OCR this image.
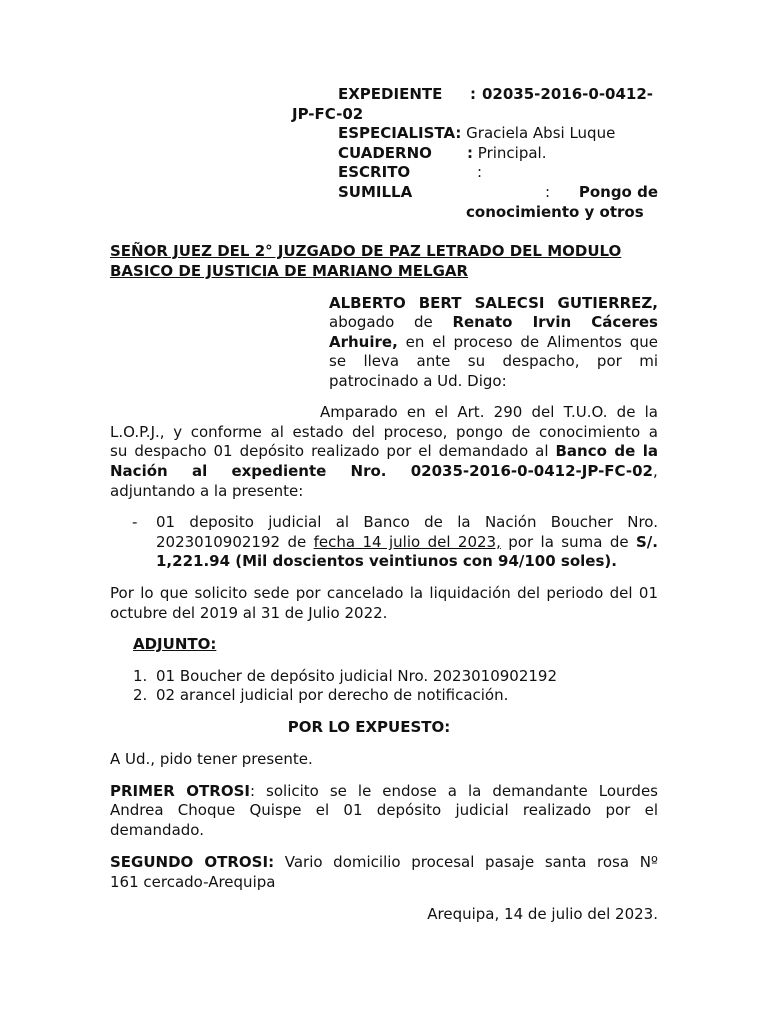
EXPEDIENTE : 02035-2016-0-0412-
JP-FC-02
ESPECIALISTA: Graciela Absi Luque
CUADERNO : Principal.
ESCRITO	:
SUMILLA	:	Pongo de
conocimiento y otros
SEÑOR JUEZ DEL 2° JUZGADO DE PAZ LETRADO DEL MODULO
BASICO DE JUSTICIA DE MARIANO MELGAR
ALBERTO BERT SALECSI GUTIERREZ,
abogado de Renato Irvin Cáceres
Arhuire, en el proceso de Alimentos que
se lleva ante su despacho, por mi
patrocinado a Ud. Digo:
Amparado en el Art. 290 del T.U.O. de la
L.O.P.J., y conforme al estado del proceso, pongo de conocimiento a
su despacho 01 depósito realizado por el demandado al Banco de la
Nación al expediente Nro. 02035-2016-0-0412-JP-FC-02,
adjuntando a la presente:
- 01 deposito judicial al Banco de la Nación Boucher Nro.
2023010902192 de fecha 14 julio del 2023, por la suma de S/.
1,221.94 (Mil doscientos veintiunos con 94/100 soles).
Por lo que solicito sede por cancelado la liquidación del periodo del 01
octubre del 2019 al 31 de Julio 2022.
ADJUNTO:
1. 01 Boucher de depósito judicial Nro. 2023010902192
2. 02 arancel judicial por derecho de notificación.
POR LO EXPUESTO:
A Ud., pido tener presente.
PRIMER OTROSI: solicito se le endose a la demandante Lourdes
Andrea Choque Quispe el 01 depósito judicial realizado por el
demandado.
SEGUNDO OTROSI: Vario domicilio procesal pasaje santa rosa Nº
161 cercado-Arequipa
Arequipa, 14 de julio del 2023.
